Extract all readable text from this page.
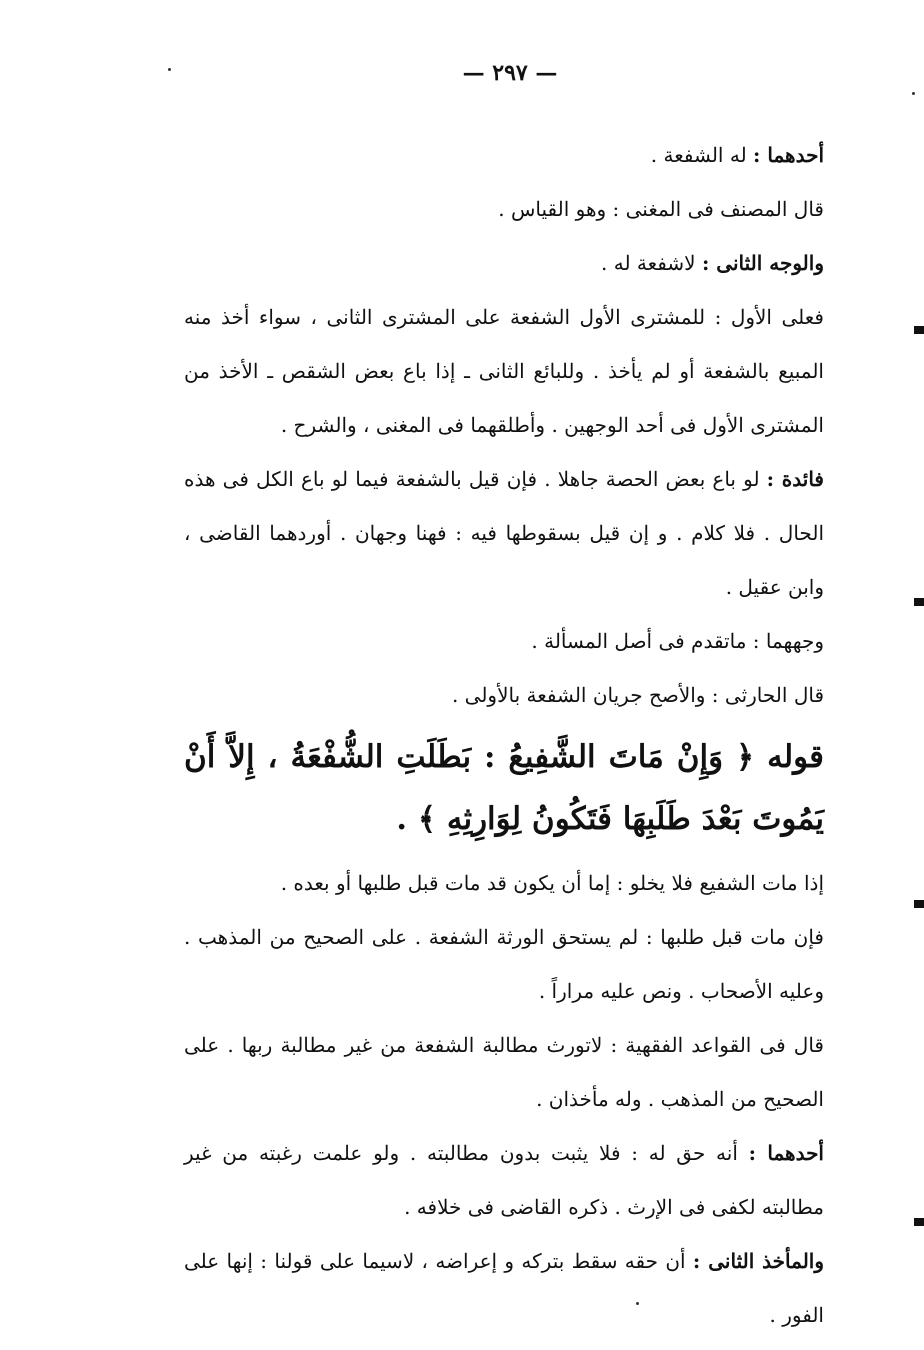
— ٢٩٧ —

أحدهما : له الشفعة .

قال المصنف فى المغنى : وهو القياس .

والوجه الثانى : لاشفعة له .

فعلى الأول : للمشترى الأول الشفعة على المشترى الثانى ، سواء أخذ منه المبيع بالشفعة أو لم يأخذ . وللبائع الثانى ـ إذا باع بعض الشقص ـ الأخذ من المشترى الأول فى أحد الوجهين . وأطلقهما فى المغنى ، والشرح .

فائدة : لو باع بعض الحصة جاهلا . فإن قيل بالشفعة فيما لو باع الكل فى هذه الحال . فلا كلام . و إن قيل بسقوطها فيه : فهنا وجهان . أوردهما القاضى ، وابن عقيل .

وجههما : ماتقدم فى أصل المسألة .

قال الحارثى : والأصح جريان الشفعة بالأولى .

قوله ﴿ وَإِنْ مَاتَ الشَّفِيعُ : بَطَلَتِ الشُّفْعَةُ ، إِلاَّ أَنْ يَمُوتَ بَعْدَ طَلَبِهَا فَتَكُونُ لِوَارِثِهِ ﴾ .

إذا مات الشفيع فلا يخلو : إما أن يكون قد مات قبل طلبها أو بعده .

فإن مات قبل طلبها : لم يستحق الورثة الشفعة . على الصحيح من المذهب . وعليه الأصحاب . ونص عليه مراراً .

قال فى القواعد الفقهية : لاتورث مطالبة الشفعة من غير مطالبة ربها . على الصحيح من المذهب . وله مأخذان .

أحدهما : أنه حق له : فلا يثبت بدون مطالبته . ولو علمت رغبته من غير مطالبته لكفى فى الإرث . ذكره القاضى فى خلافه .

والمأخذ الثانى : أن حقه سقط بتركه و إعراضه ، لاسيما على قولنا : إنها على الفور .
